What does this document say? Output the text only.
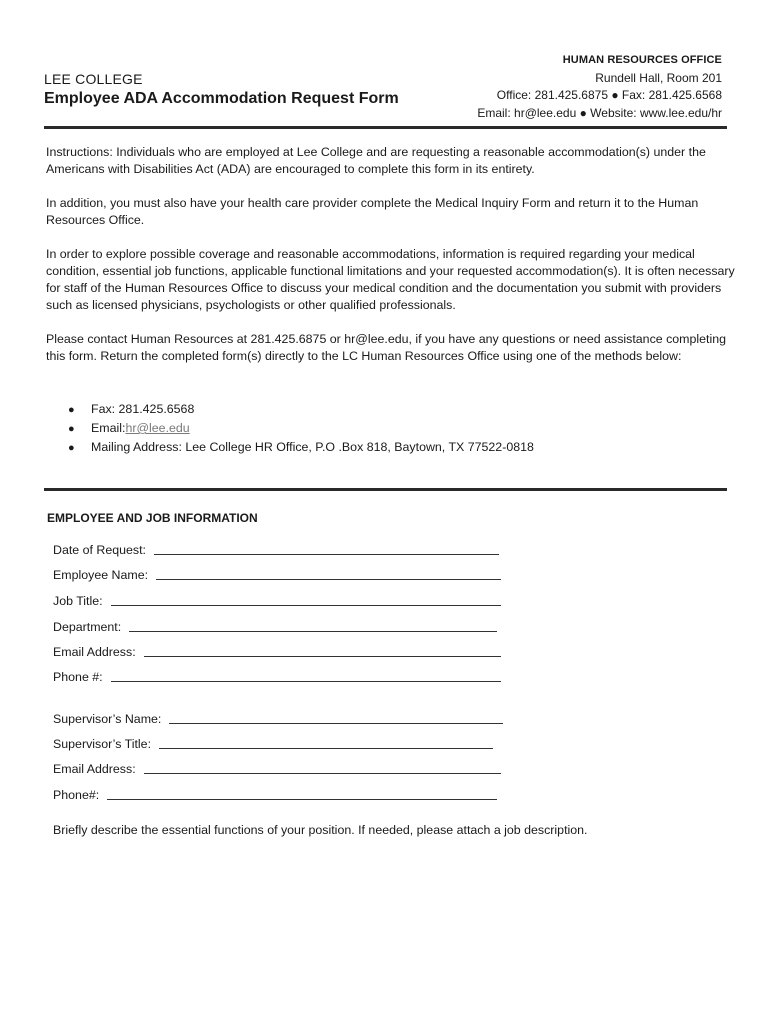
LEE COLLEGE
Employee ADA Accommodation Request Form
HUMAN RESOURCES OFFICE
Rundell Hall, Room 201
Office: 281.425.6875 ● Fax: 281.425.6568
Email: hr@lee.edu ● Website: www.lee.edu/hr
Instructions: Individuals who are employed at Lee College and are requesting a reasonable accommodation(s) under the Americans with Disabilities Act (ADA) are encouraged to complete this form in its entirety.
In addition, you must also have your health care provider complete the Medical Inquiry Form and return it to the Human Resources Office.
In order to explore possible coverage and reasonable accommodations, information is required regarding your medical condition, essential job functions, applicable functional limitations and your requested accommodation(s). It is often necessary for staff of the Human Resources Office to discuss your medical condition and the documentation you submit with providers such as licensed physicians, psychologists or other qualified professionals.
Please contact Human Resources at 281.425.6875 or hr@lee.edu, if you have any questions or need assistance completing this form. Return the completed form(s) directly to the LC Human Resources Office using one of the methods below:
●	Fax: 281.425.6568
●	Email: hr@lee.edu
●	Mailing Address: Lee College HR Office, P.O .Box 818, Baytown, TX 77522-0818
EMPLOYEE AND JOB INFORMATION
Date of Request:
Employee Name:
Job Title:
Department:
Email Address:
Phone #:
Supervisor’s Name:
Supervisor’s Title:
Email Address:
Phone#:
Briefly describe the essential functions of your position. If needed, please attach a job description.
